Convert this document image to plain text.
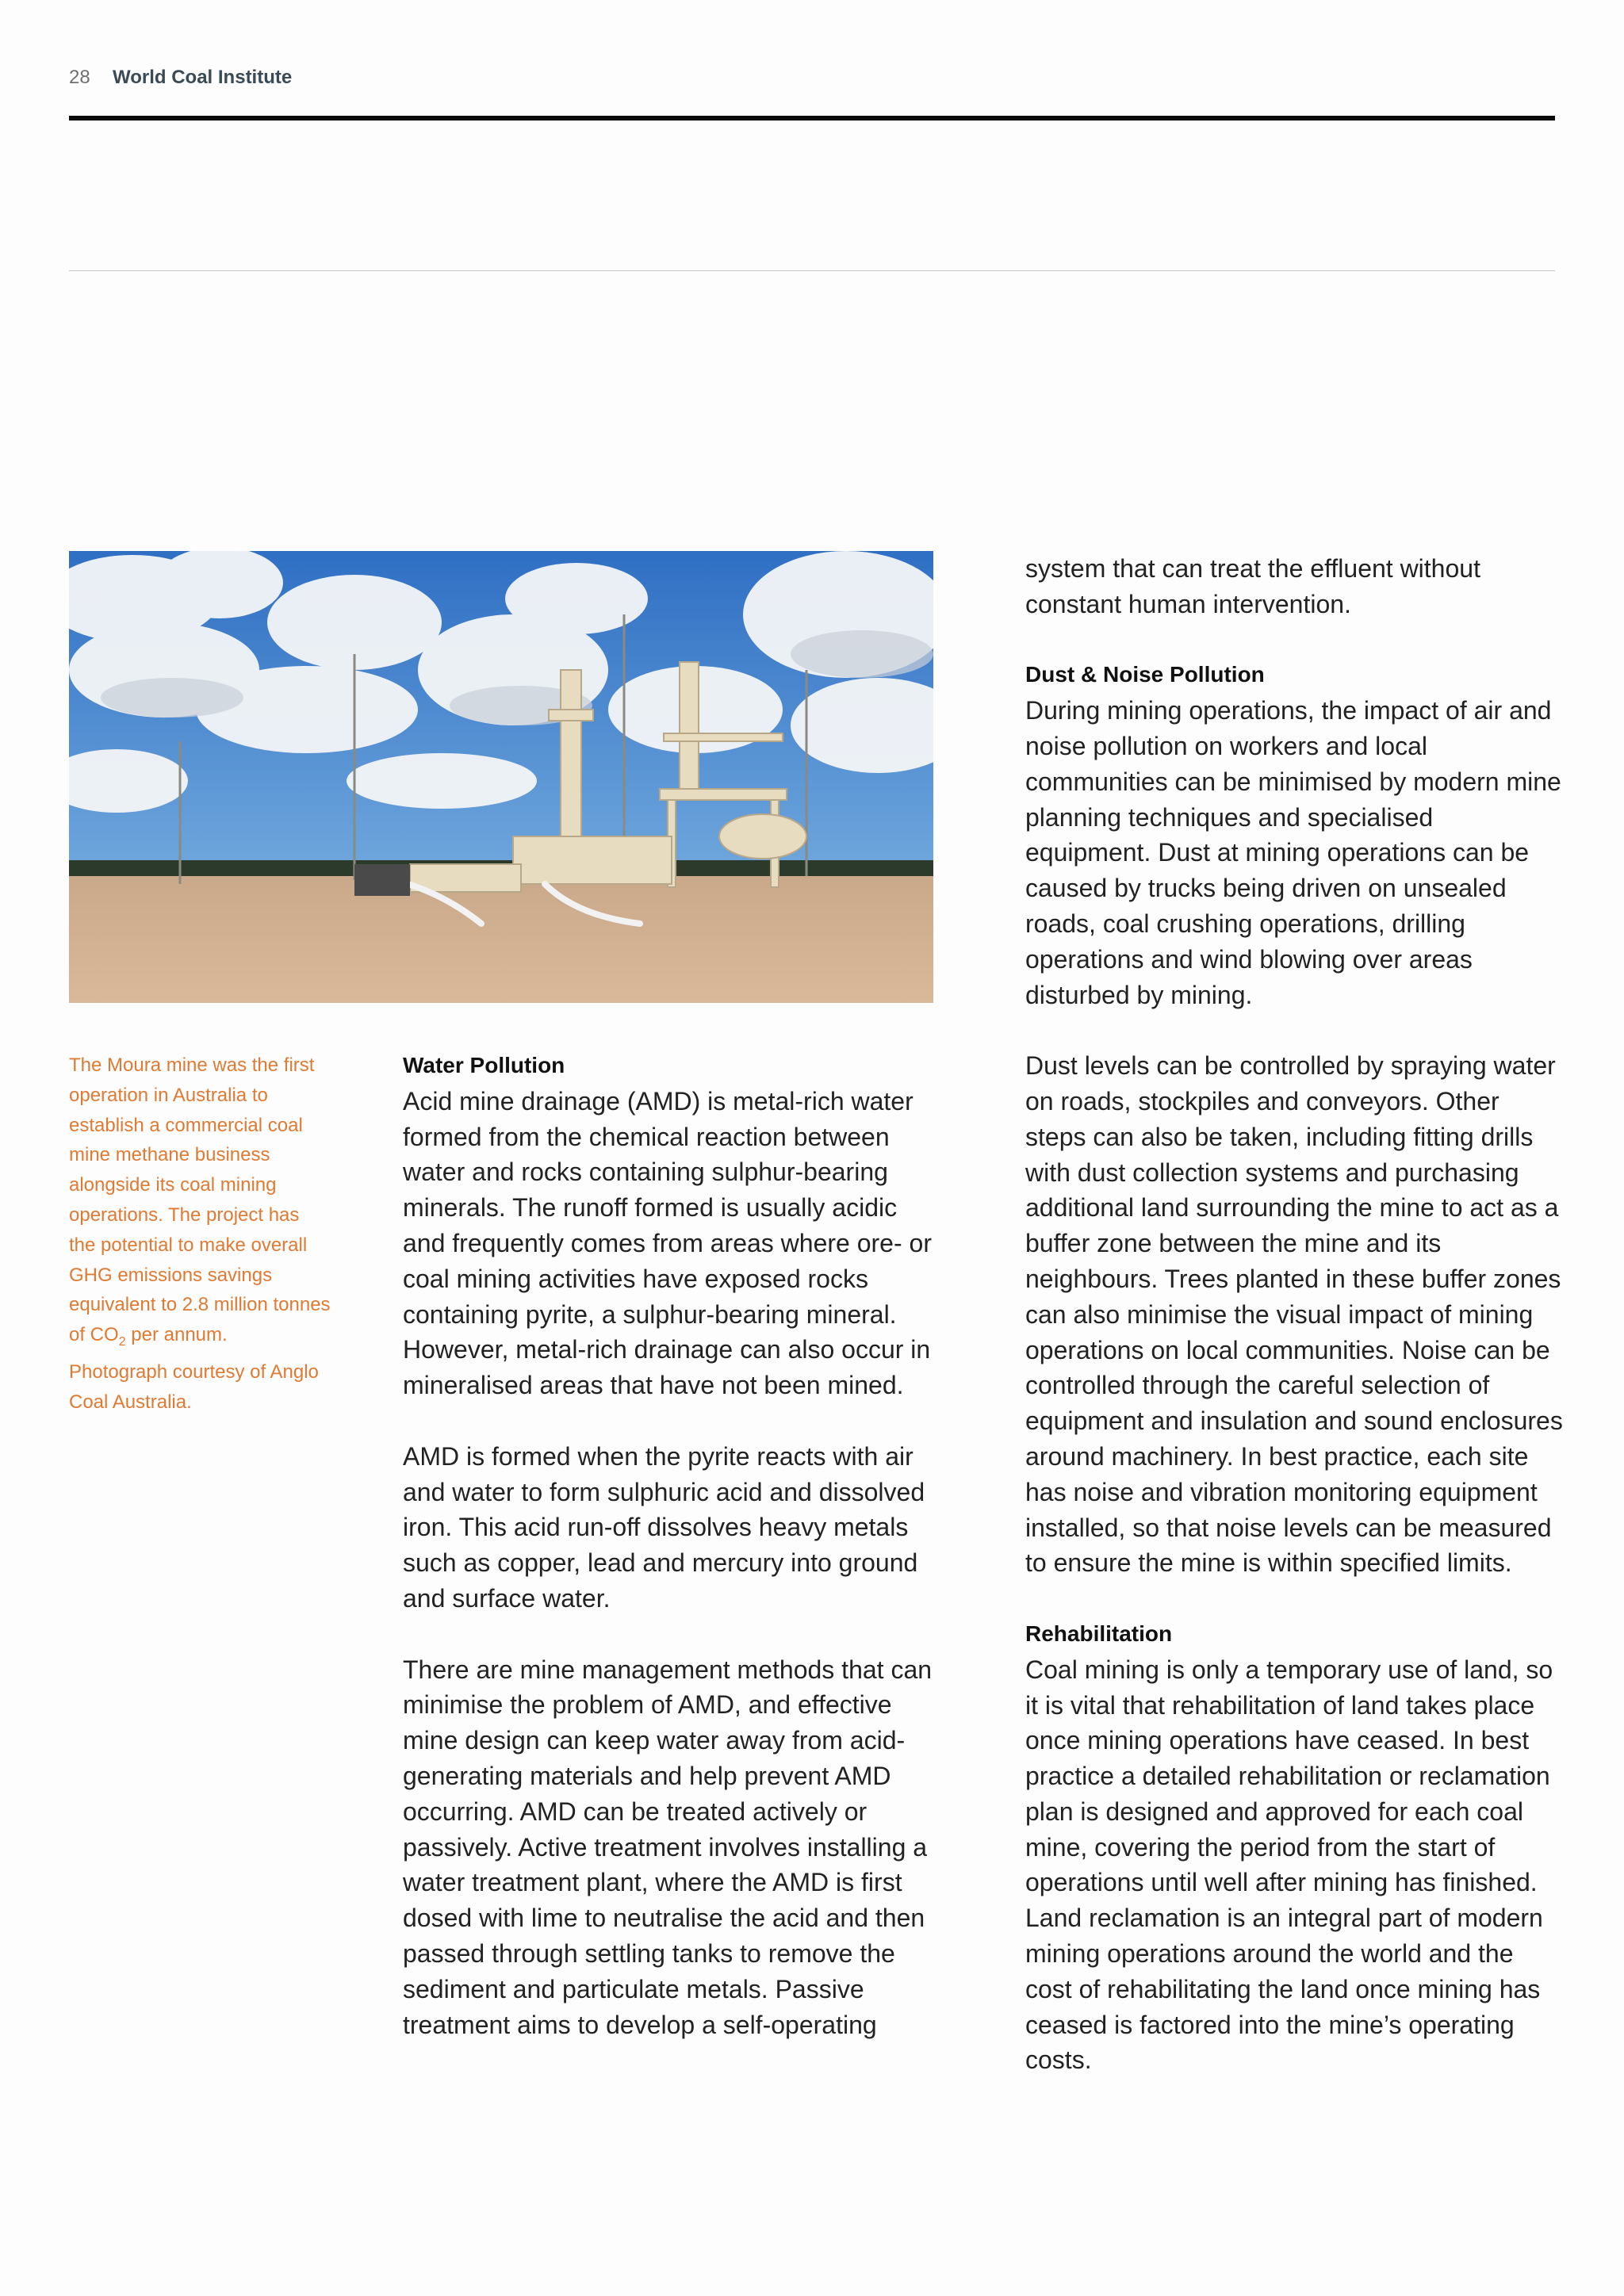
28 World Coal Institute
The Moura mine was the first operation in Australia to establish a commercial coal mine methane business alongside its coal mining operations. The project has the potential to make overall GHG emissions savings equivalent to 2.8 million tonnes of $CO_2$ per annum. Photograph courtesy of Anglo Coal Australia.
Water Pollution

Acid mine drainage (AMD) is metal-rich water formed from the chemical reaction between water and rocks containing sulphur-bearing minerals. The runoff formed is usually acidic and frequently comes from areas where ore- or coal mining activities have exposed rocks containing pyrite, a sulphur-bearing mineral. However, metal-rich drainage can also occur in mineralised areas that have not been mined.

AMD is formed when the pyrite reacts with air and water to form sulphuric acid and dissolved iron. This acid run-off dissolves heavy metals such as copper, lead and mercury into ground and surface water.

There are mine management methods that can minimise the problem of AMD, and effective mine design can keep water away from acid-generating materials and help prevent AMD occurring. AMD can be treated actively or passively. Active treatment involves installing a water treatment plant, where the AMD is first dosed with lime to neutralise the acid and then passed through settling tanks to remove the sediment and particulate metals. Passive treatment aims to develop a self-operating

system that can treat the effluent without constant human intervention.

Dust & Noise Pollution

During mining operations, the impact of air and noise pollution on workers and local communities can be minimised by modern mine planning techniques and specialised equipment. Dust at mining operations can be caused by trucks being driven on unsealed roads, coal crushing operations, drilling operations and wind blowing over areas disturbed by mining.

Dust levels can be controlled by spraying water on roads, stockpiles and conveyors. Other steps can also be taken, including fitting drills with dust collection systems and purchasing additional land surrounding the mine to act as a buffer zone between the mine and its neighbours. Trees planted in these buffer zones can also minimise the visual impact of mining operations on local communities. Noise can be controlled through the careful selection of equipment and insulation and sound enclosures around machinery. In best practice, each site has noise and vibration monitoring equipment installed, so that noise levels can be measured to ensure the mine is within specified limits.

Rehabilitation

Coal mining is only a temporary use of land, so it is vital that rehabilitation of land takes place once mining operations have ceased. In best practice a detailed rehabilitation or reclamation plan is designed and approved for each coal mine, covering the period from the start of operations until well after mining has finished. Land reclamation is an integral part of modern mining operations around the world and the cost of rehabilitating the land once mining has ceased is factored into the mine’s operating costs.
